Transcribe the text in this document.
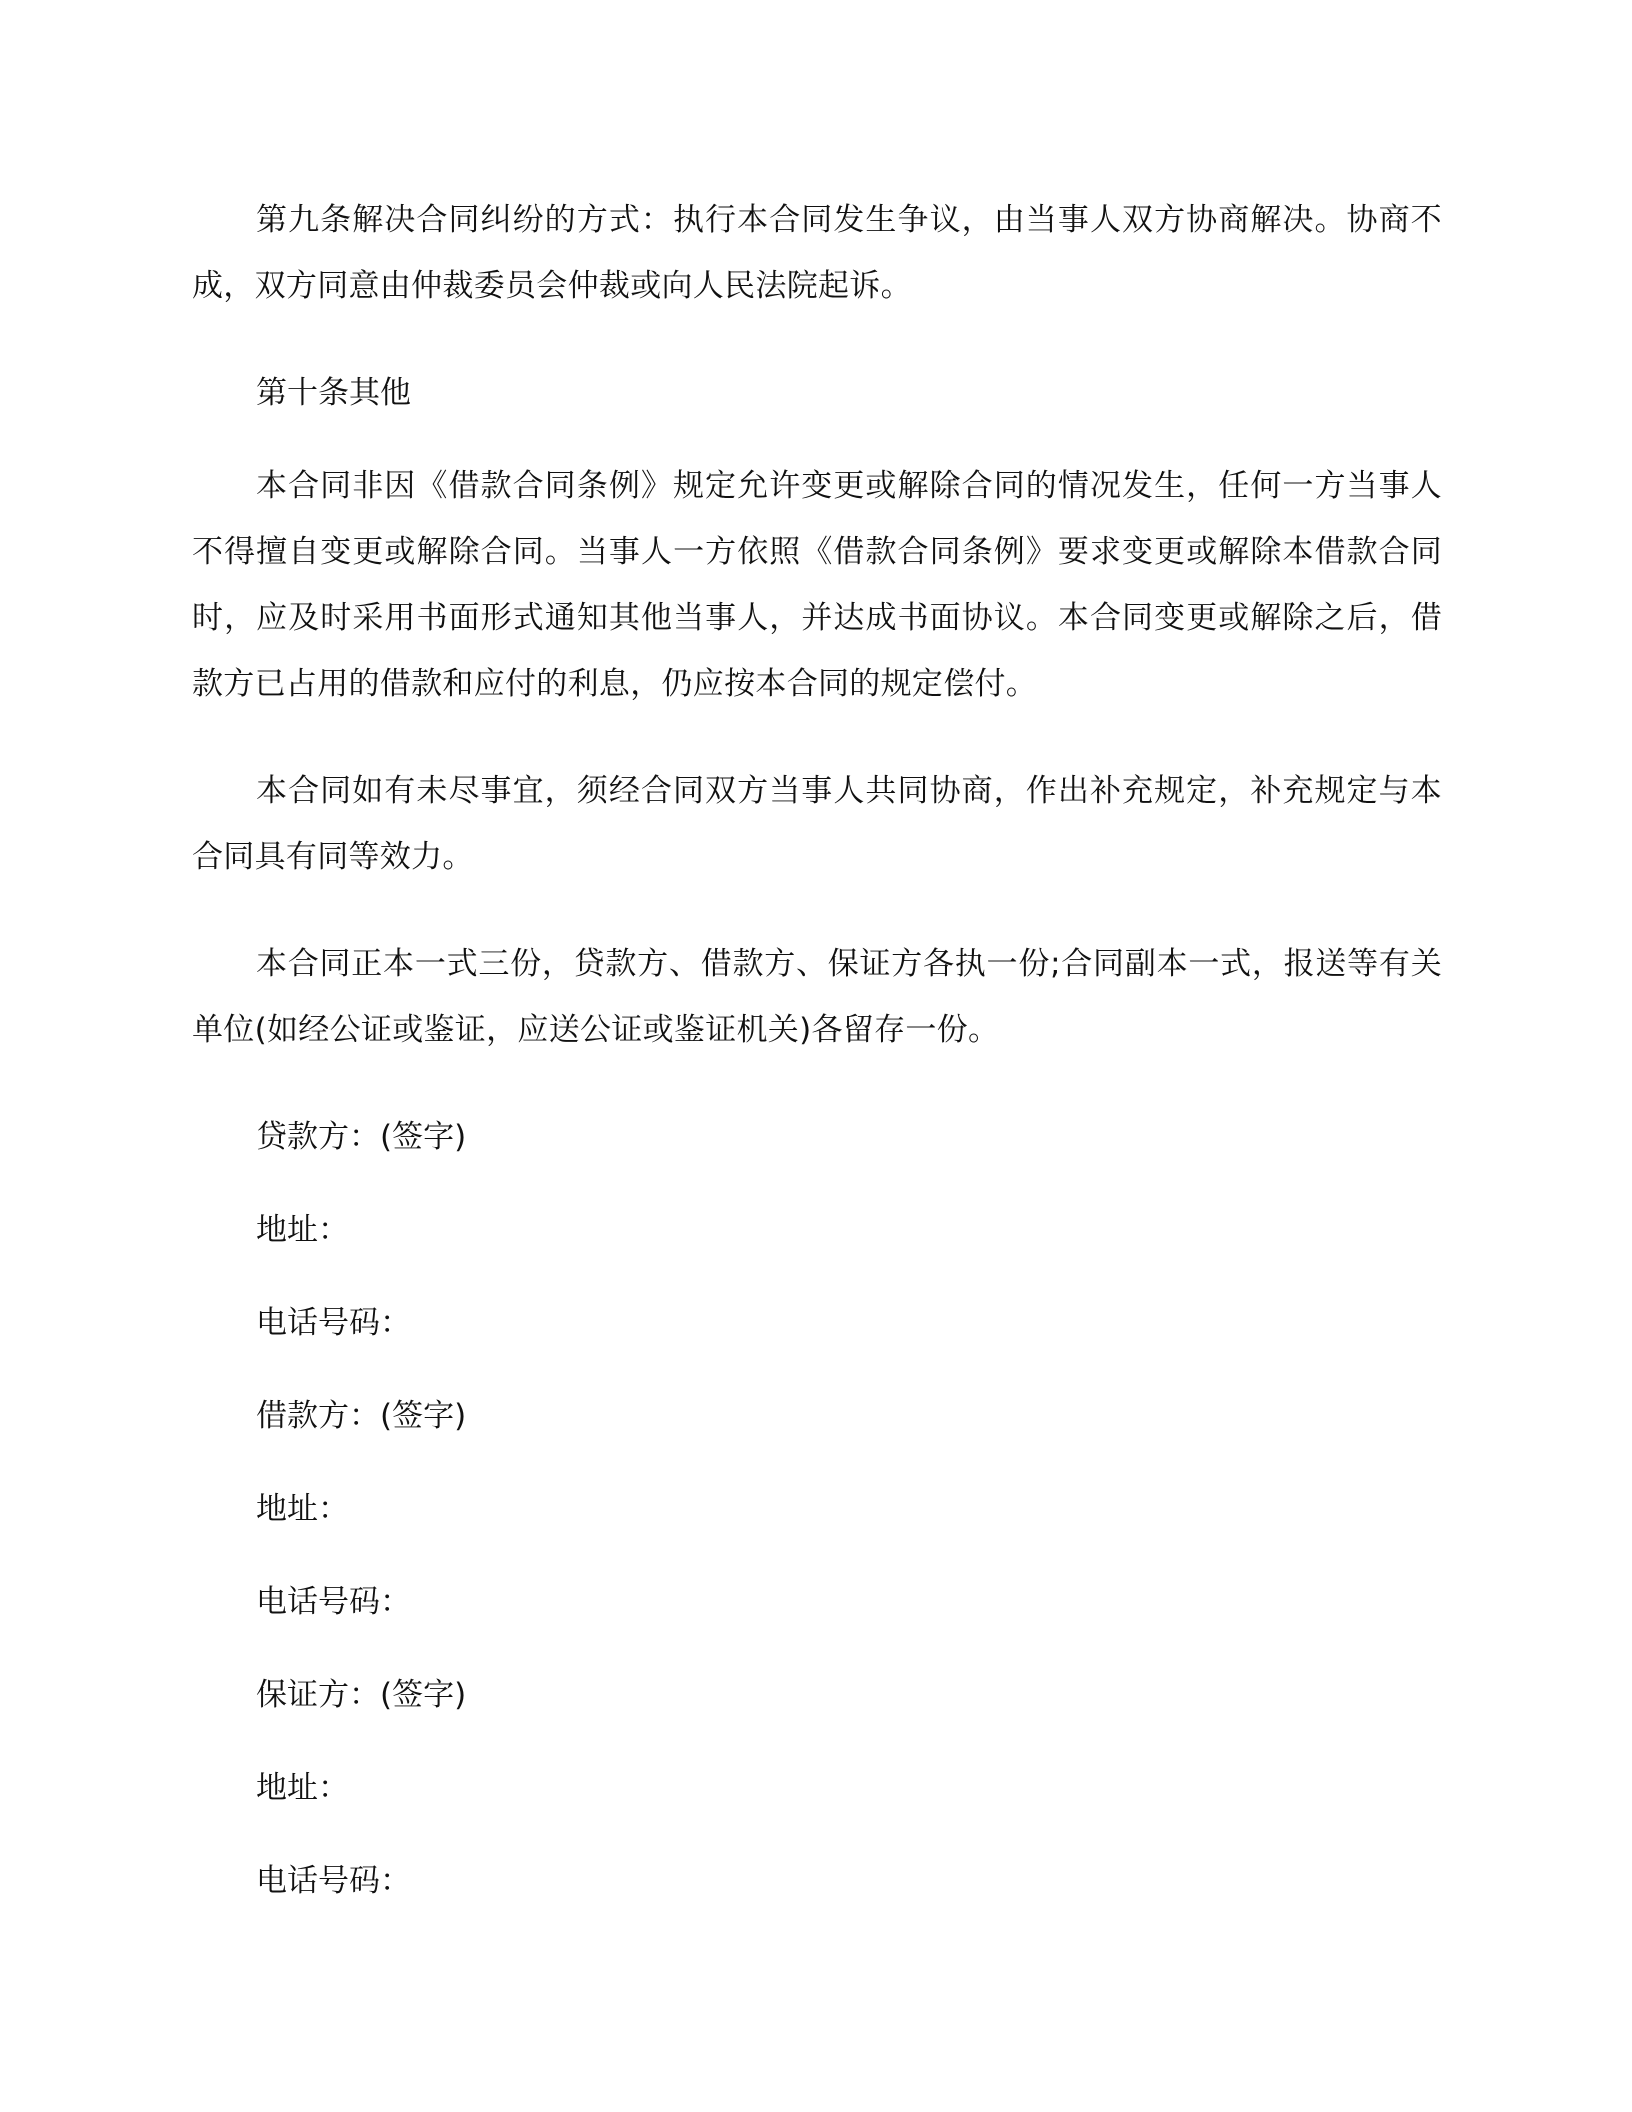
第九条解决合同纠纷的方式：执行本合同发生争议，由当事人双方协商解决。协商不成，双方同意由仲裁委员会仲裁或向人民法院起诉。

第十条其他

本合同非因《借款合同条例》规定允许变更或解除合同的情况发生，任何一方当事人不得擅自变更或解除合同。当事人一方依照《借款合同条例》要求变更或解除本借款合同时，应及时采用书面形式通知其他当事人，并达成书面协议。本合同变更或解除之后，借款方已占用的借款和应付的利息，仍应按本合同的规定偿付。

本合同如有未尽事宜，须经合同双方当事人共同协商，作出补充规定，补充规定与本合同具有同等效力。

本合同正本一式三份，贷款方、借款方、保证方各执一份;合同副本一式，报送等有关单位(如经公证或鉴证，应送公证或鉴证机关)各留存一份。

贷款方：(签字)

地址：

电话号码：

借款方：(签字)

地址：

电话号码：

保证方：(签字)

地址：

电话号码：
